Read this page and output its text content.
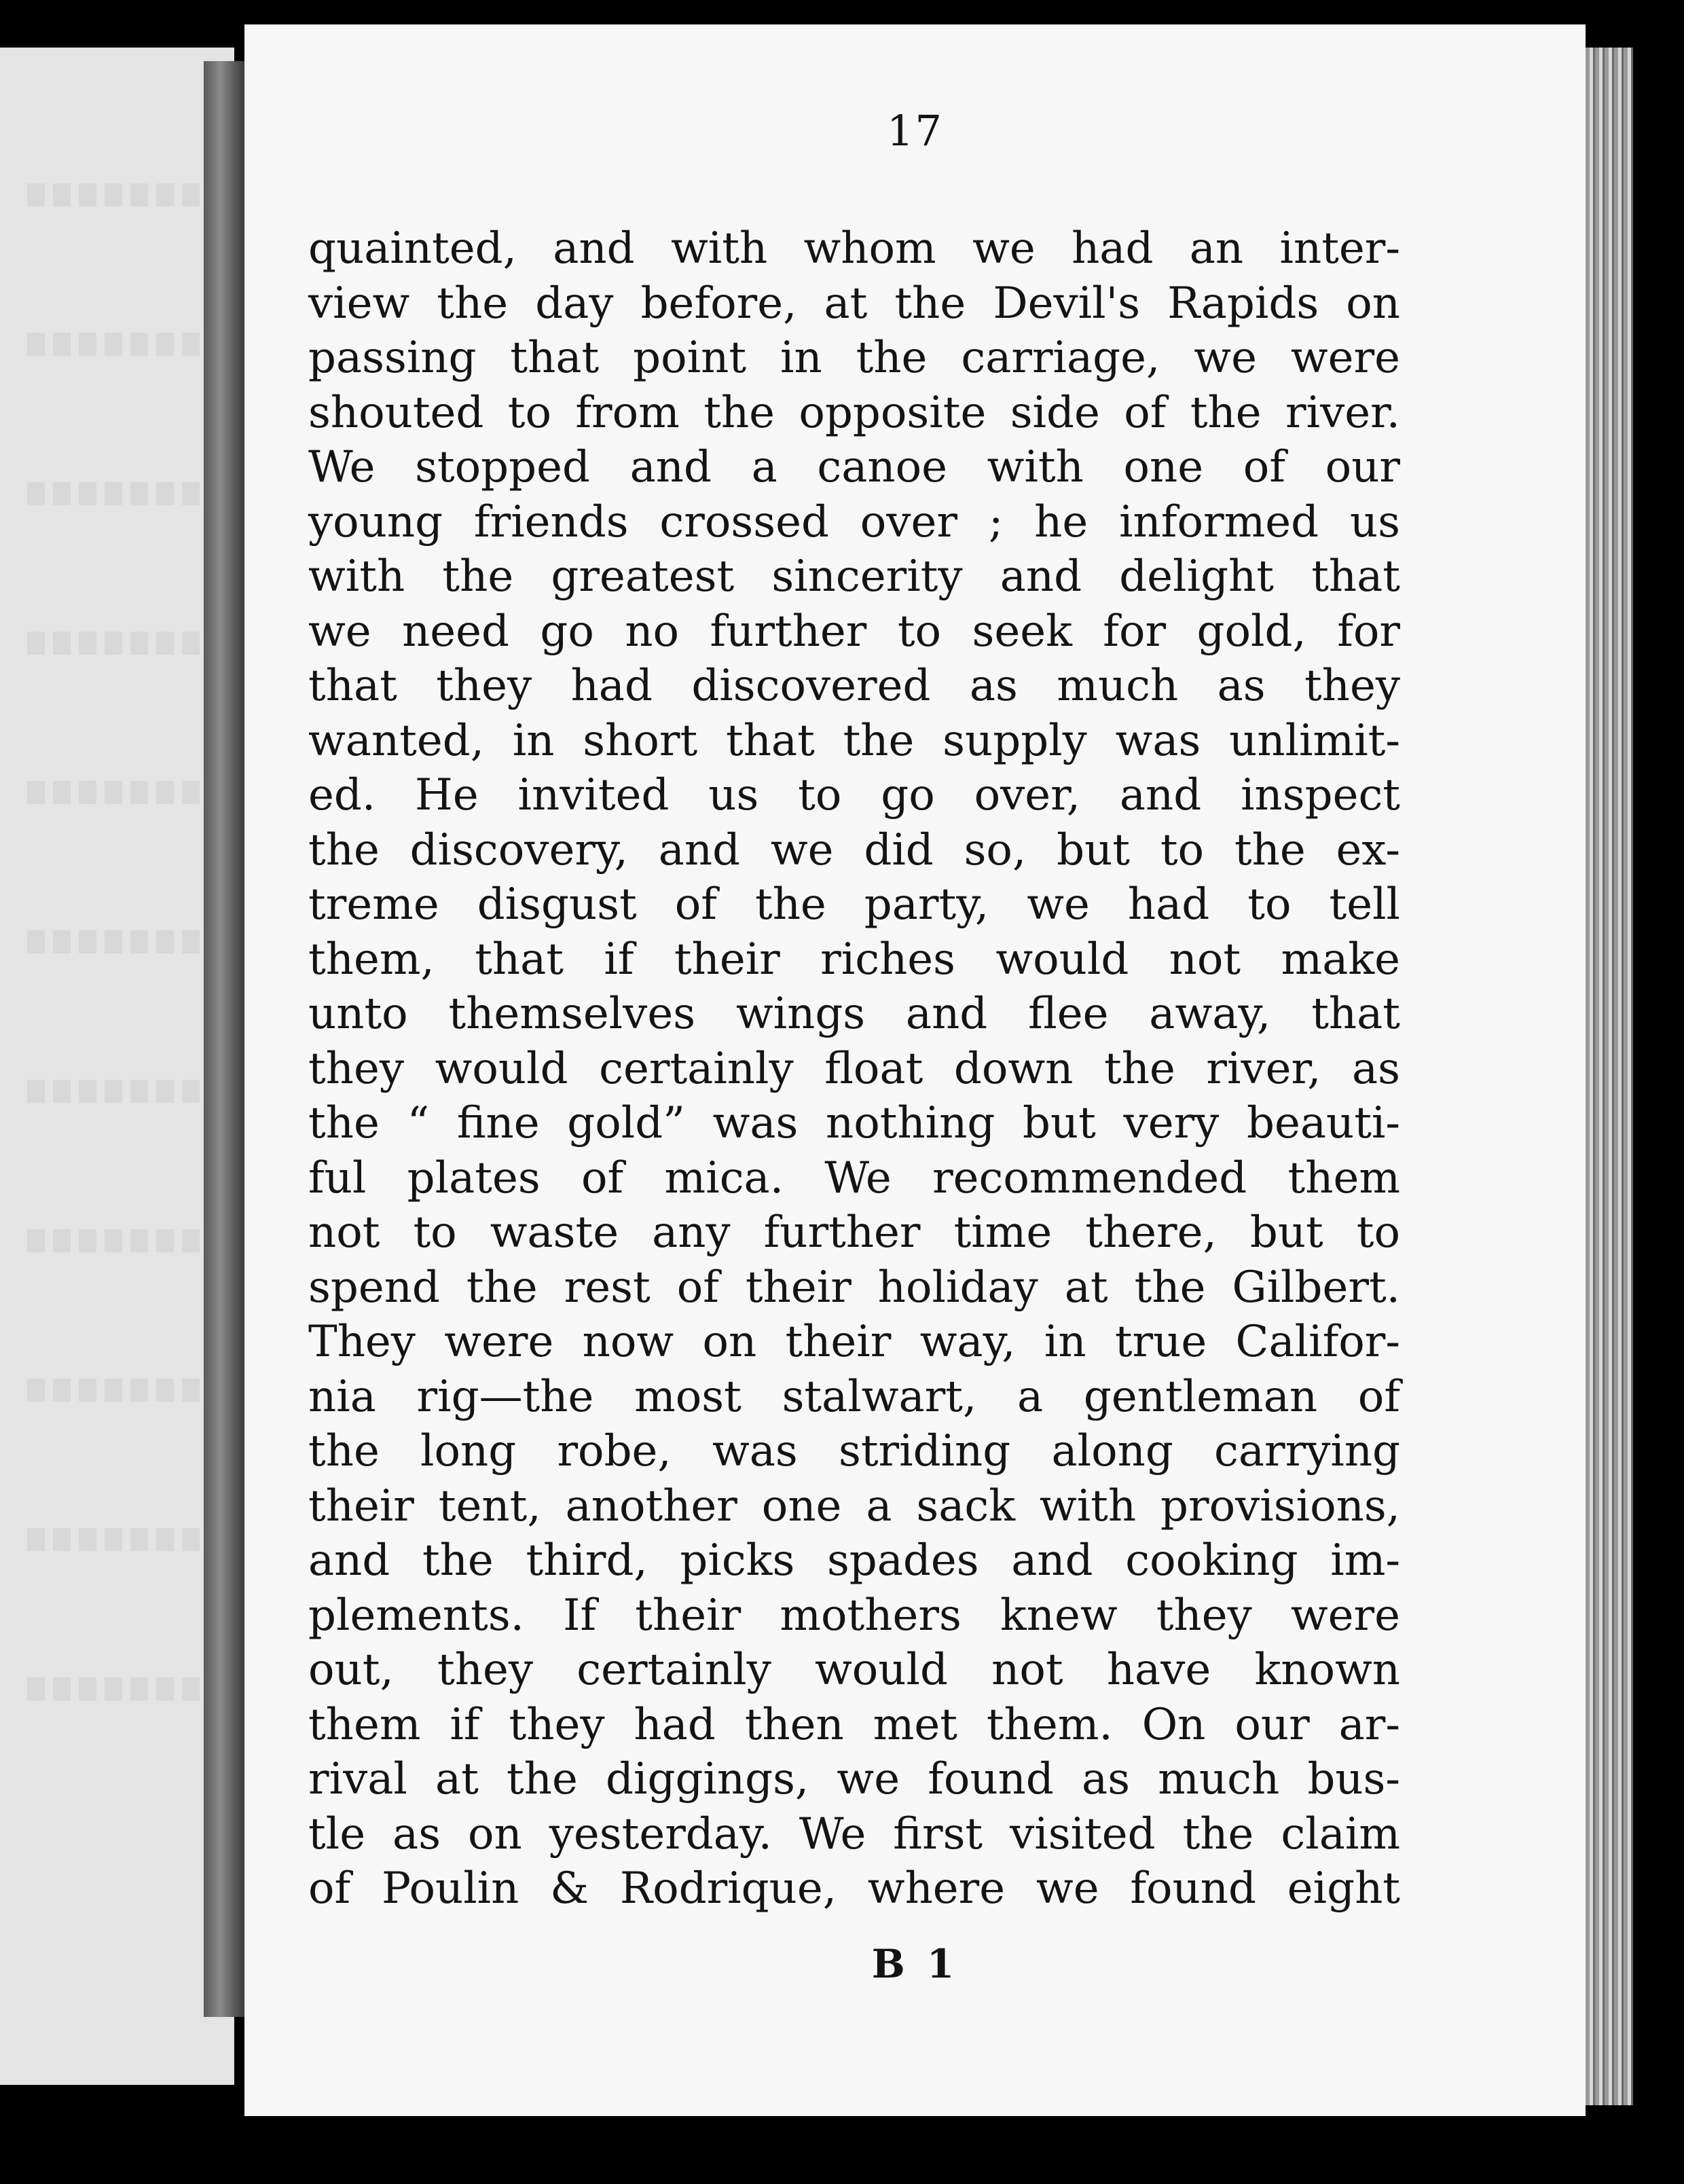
17
quainted, and with whom we had an inter-
view the day before, at the Devil's Rapids on
passing that point in the carriage, we were
shouted to from the opposite side of the river.
We stopped and a canoe with one of our
young friends crossed over ; he informed us
with the greatest sincerity and delight that
we need go no further to seek for gold, for
that they had discovered as much as they
wanted, in short that the supply was unlimit-
ed. He invited us to go over, and inspect
the discovery, and we did so, but to the ex-
treme disgust of the party, we had to tell
them, that if their riches would not make
unto themselves wings and flee away, that
they would certainly float down the river, as
the “ fine gold” was nothing but very beauti-
ful plates of mica. We recommended them
not to waste any further time there, but to
spend the rest of their holiday at the Gilbert.
They were now on their way, in true Califor-
nia rig—the most stalwart, a gentleman of
the long robe, was striding along carrying
their tent, another one a sack with provisions,
and the third, picks spades and cooking im-
plements. If their mothers knew they were
out, they certainly would not have known
them if they had then met them. On our ar-
rival at the diggings, we found as much bus-
tle as on yesterday. We first visited the claim
of Poulin & Rodrique, where we found eight
B 1
